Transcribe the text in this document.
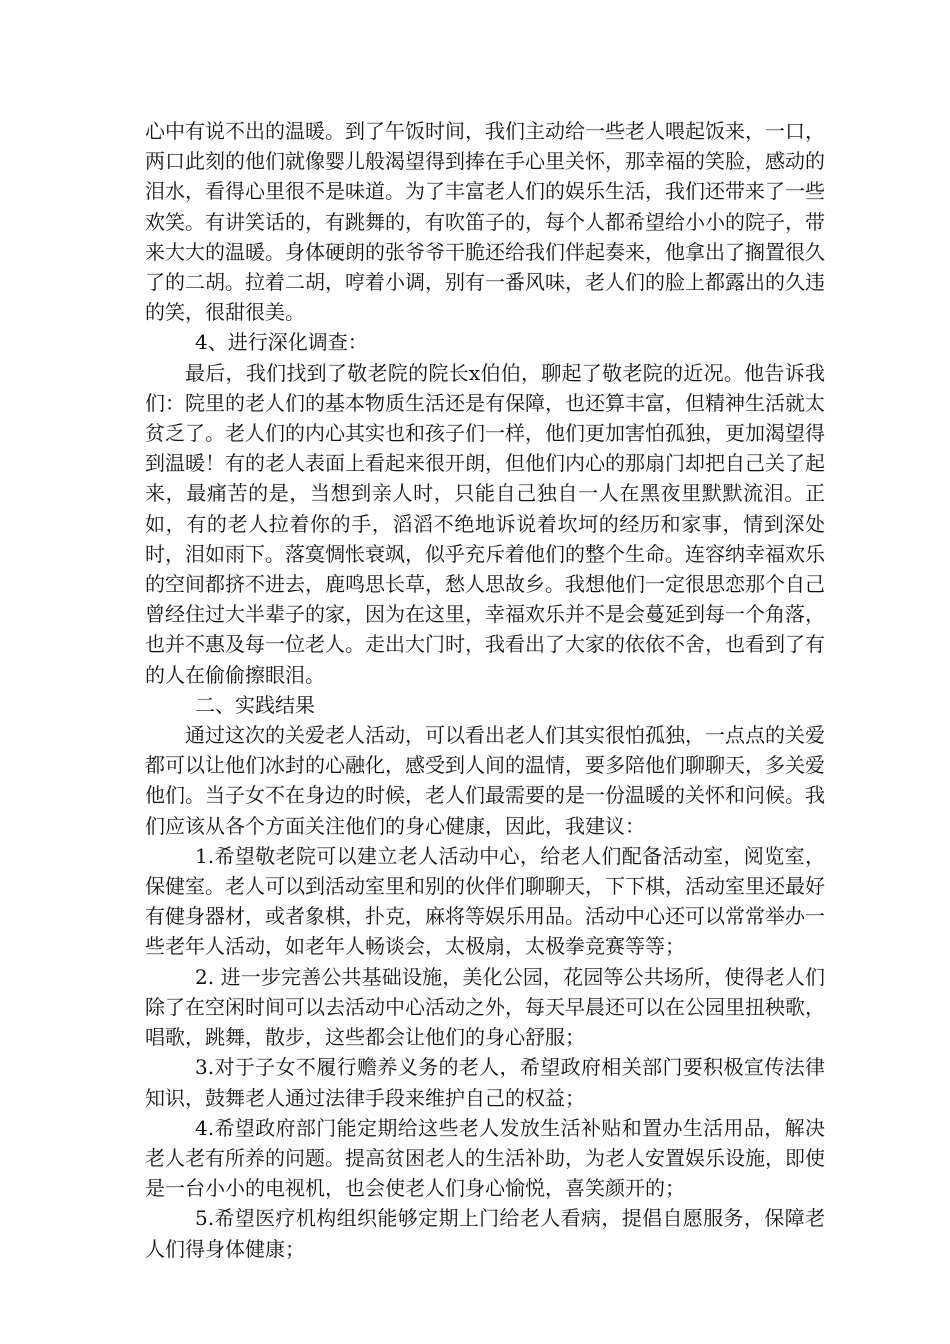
心中有说不出的温暖。到了午饭时间，我们主动给一些老人喂起饭来，一口，两口此刻的他们就像婴儿般渴望得到捧在手心里关怀，那幸福的笑脸，感动的泪水，看得心里很不是味道。为了丰富老人们的娱乐生活，我们还带来了一些欢笑。有讲笑话的，有跳舞的，有吹笛子的，每个人都希望给小小的院子，带来大大的温暖。身体硬朗的张爷爷干脆还给我们伴起奏来，他拿出了搁置很久了的二胡。拉着二胡，哼着小调，别有一番风味，老人们的脸上都露出的久违的笑，很甜很美。

4、进行深化调查：

最后，我们找到了敬老院的院长x伯伯，聊起了敬老院的近况。他告诉我们：院里的老人们的基本物质生活还是有保障，也还算丰富，但精神生活就太贫乏了。老人们的内心其实也和孩子们一样，他们更加害怕孤独，更加渴望得到温暖！有的老人表面上看起来很开朗，但他们内心的那扇门却把自己关了起来，最痛苦的是，当想到亲人时，只能自己独自一人在黑夜里默默流泪。正如，有的老人拉着你的手，滔滔不绝地诉说着坎坷的经历和家事，情到深处时，泪如雨下。落寞惆怅衰飒，似乎充斥着他们的整个生命。连容纳幸福欢乐的空间都挤不进去，鹿鸣思长草，愁人思故乡。我想他们一定很思恋那个自己曾经住过大半辈子的家，因为在这里，幸福欢乐并不是会蔓延到每一个角落，也并不惠及每一位老人。走出大门时，我看出了大家的依依不舍，也看到了有的人在偷偷擦眼泪。

二、实践结果

通过这次的关爱老人活动，可以看出老人们其实很怕孤独，一点点的关爱都可以让他们冰封的心融化，感受到人间的温情，要多陪他们聊聊天，多关爱他们。当子女不在身边的时候，老人们最需要的是一份温暖的关怀和问候。我们应该从各个方面关注他们的身心健康，因此，我建议：

1.希望敬老院可以建立老人活动中心，给老人们配备活动室，阅览室，保健室。老人可以到活动室里和别的伙伴们聊聊天，下下棋，活动室里还最好有健身器材，或者象棋，扑克，麻将等娱乐用品。活动中心还可以常常举办一些老年人活动，如老年人畅谈会，太极扇，太极拳竞赛等等；

2. 进一步完善公共基础设施，美化公园，花园等公共场所，使得老人们除了在空闲时间可以去活动中心活动之外，每天早晨还可以在公园里扭秧歌，唱歌，跳舞，散步，这些都会让他们的身心舒服；

3.对于子女不履行赡养义务的老人，希望政府相关部门要积极宣传法律知识，鼓舞老人通过法律手段来维护自己的权益；

4.希望政府部门能定期给这些老人发放生活补贴和置办生活用品，解决老人老有所养的问题。提高贫困老人的生活补助，为老人安置娱乐设施，即使是一台小小的电视机，也会使老人们身心愉悦，喜笑颜开的；

5.希望医疗机构组织能够定期上门给老人看病，提倡自愿服务，保障老人们得身体健康；
